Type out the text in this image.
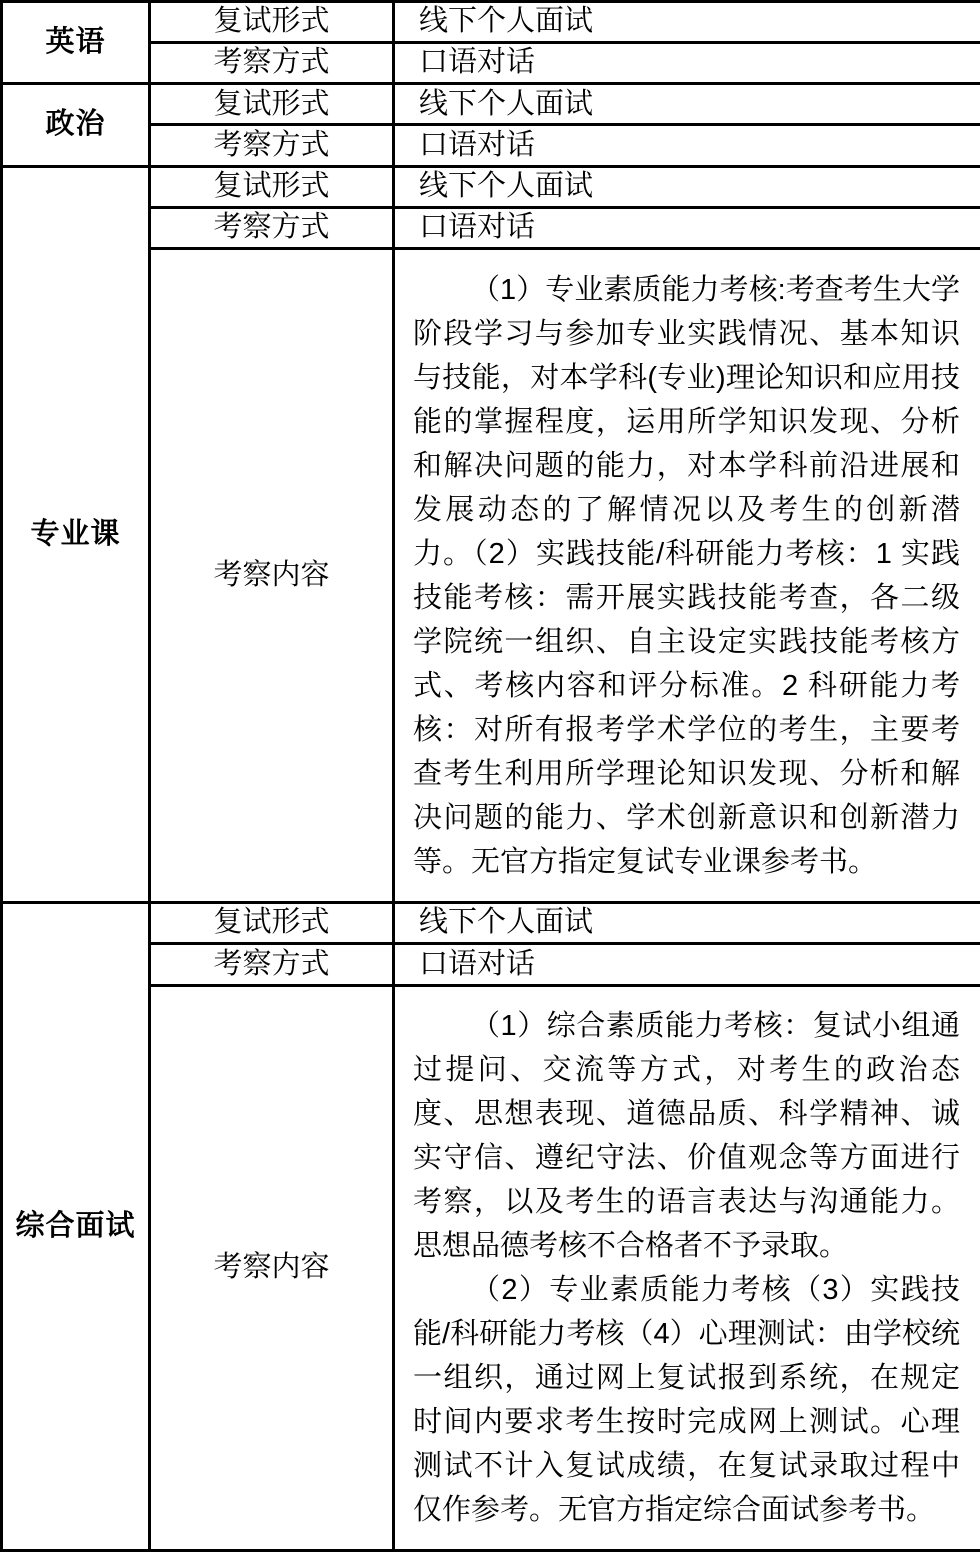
英语	复试形式	线下个人面试
	考察方式	口语对话
政治	复试形式	线下个人面试
	考察方式	口语对话
专业课	复试形式	线下个人面试
	考察方式	口语对话
	考察内容	（1）专业素质能力考核:考查考生大学阶段学习与参加专业实践情况、基本知识与技能，对本学科(专业)理论知识和应用技能的掌握程度，运用所学知识发现、分析和解决问题的能力，对本学科前沿进展和发展动态的了解情况以及考生的创新潜力。（2）实践技能/科研能力考核：1 实践技能考核：需开展实践技能考查，各二级学院统一组织、自主设定实践技能考核方式、考核内容和评分标准。2 科研能力考核：对所有报考学术学位的考生，主要考查考生利用所学理论知识发现、分析和解决问题的能力、学术创新意识和创新潜力等。无官方指定复试专业课参考书。

综合面试	复试形式	线下个人面试
	考察方式	口语对话
	考察内容	（1）综合素质能力考核：复试小组通过提问、交流等方式，对考生的政治态度、思想表现、道德品质、科学精神、诚实守信、遵纪守法、价值观念等方面进行考察，以及考生的语言表达与沟通能力。思想品德考核不合格者不予录取。

（2）专业素质能力考核（3）实践技能/科研能力考核（4）心理测试：由学校统一组织，通过网上复试报到系统，在规定时间内要求考生按时完成网上测试。心理测试不计入复试成绩，在复试录取过程中仅作参考。无官方指定综合面试参考书。
